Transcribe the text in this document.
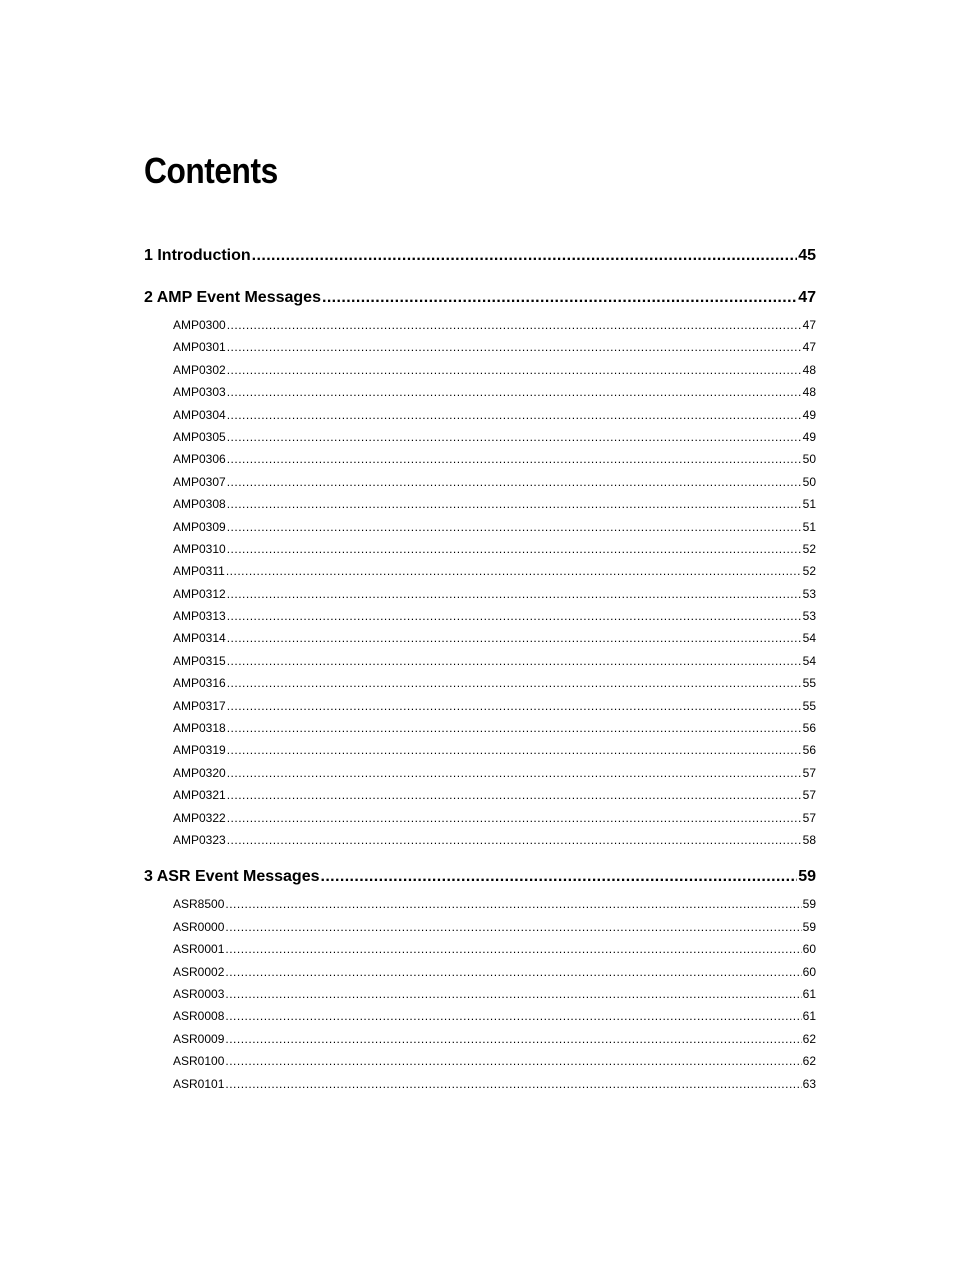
Contents
1 Introduction .....	45
2 AMP Event Messages .....	47
AMP0300 .....	47
AMP0301 .....	47
AMP0302 .....	48
AMP0303 .....	48
AMP0304 .....	49
AMP0305 .....	49
AMP0306 .....	50
AMP0307 .....	50
AMP0308 .....	51
AMP0309 .....	51
AMP0310 .....	52
AMP0311 .....	52
AMP0312 .....	53
AMP0313 .....	53
AMP0314 .....	54
AMP0315 .....	54
AMP0316 .....	55
AMP0317 .....	55
AMP0318 .....	56
AMP0319 .....	56
AMP0320 .....	57
AMP0321 .....	57
AMP0322 .....	57
AMP0323 .....	58
3 ASR Event Messages .....	59
ASR8500 .....	59
ASR0000 .....	59
ASR0001 .....	60
ASR0002 .....	60
ASR0003 .....	61
ASR0008 .....	61
ASR0009 .....	62
ASR0100 .....	62
ASR0101 .....	63
